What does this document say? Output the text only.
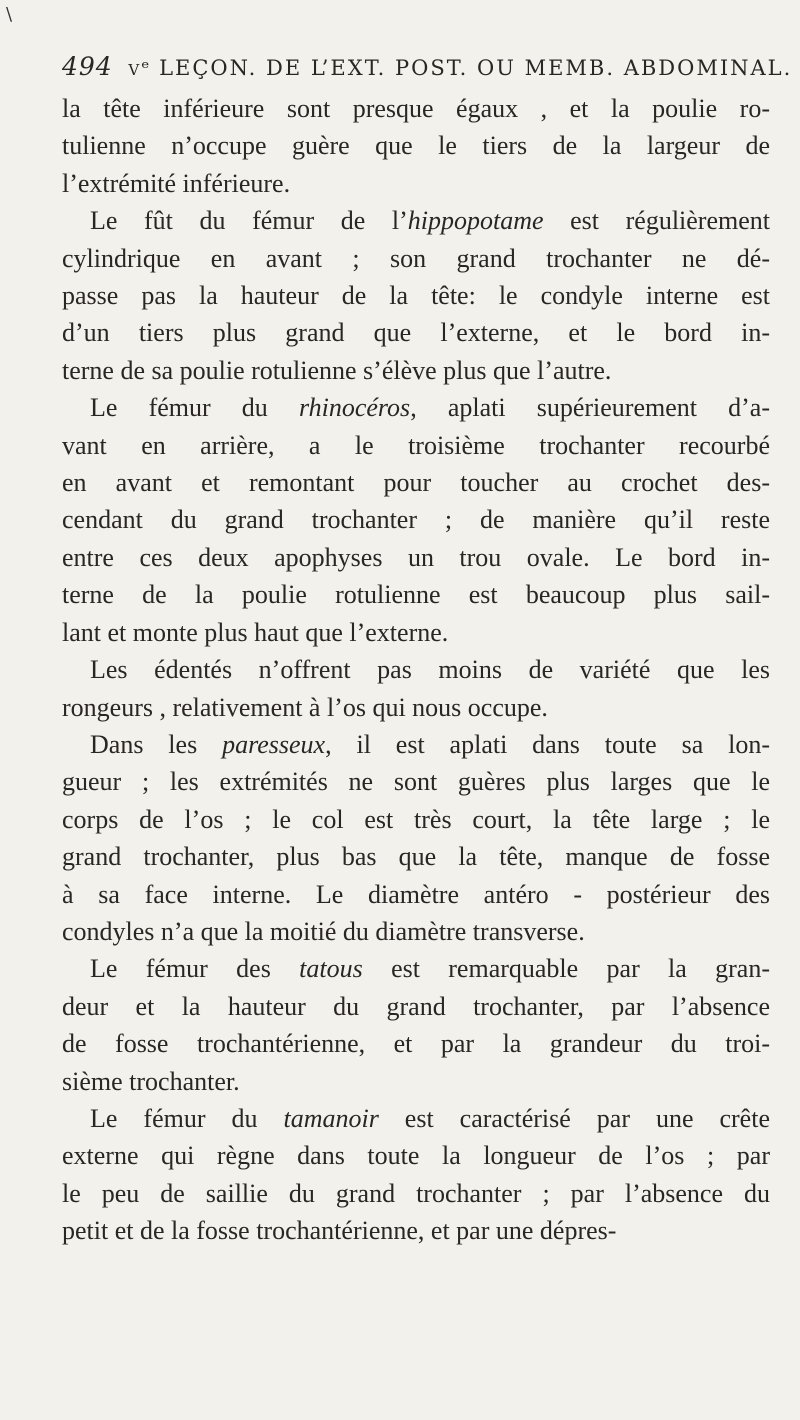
\
494 vᵉ LEÇON. DE L’EXT. POST. OU MEMB. ABDOMINAL.

la tête inférieure sont presque égaux , et la poulie ro-
tulienne n’occupe guère que le tiers de la largeur de
l’extrémité inférieure.

Le fût du fémur de l’hippopotame est régulièrement
cylindrique en avant ; son grand trochanter ne dé-
passe pas la hauteur de la tête: le condyle interne est
d’un tiers plus grand que l’externe, et le bord in-
terne de sa poulie rotulienne s’élève plus que l’autre.

Le fémur du rhinocéros, aplati supérieurement d’a-
vant en arrière, a le troisième trochanter recourbé
en avant et remontant pour toucher au crochet des-
cendant du grand trochanter ; de manière qu’il reste
entre ces deux apophyses un trou ovale. Le bord in-
terne de la poulie rotulienne est beaucoup plus sail-
lant et monte plus haut que l’externe.

Les édentés n’offrent pas moins de variété que les
rongeurs , relativement à l’os qui nous occupe.

Dans les paresseux, il est aplati dans toute sa lon-
gueur ; les extrémités ne sont guères plus larges que le
corps de l’os ; le col est très court, la tête large ; le
grand trochanter, plus bas que la tête, manque de fosse
à sa face interne. Le diamètre antéro - postérieur des
condyles n’a que la moitié du diamètre transverse.

Le fémur des tatous est remarquable par la gran-
deur et la hauteur du grand trochanter, par l’absence
de fosse trochantérienne, et par la grandeur du troi-
sième trochanter.

Le fémur du tamanoir est caractérisé par une crête
externe qui règne dans toute la longueur de l’os ; par
le peu de saillie du grand trochanter ; par l’absence du
petit et de la fosse trochantérienne, et par une dépres-
